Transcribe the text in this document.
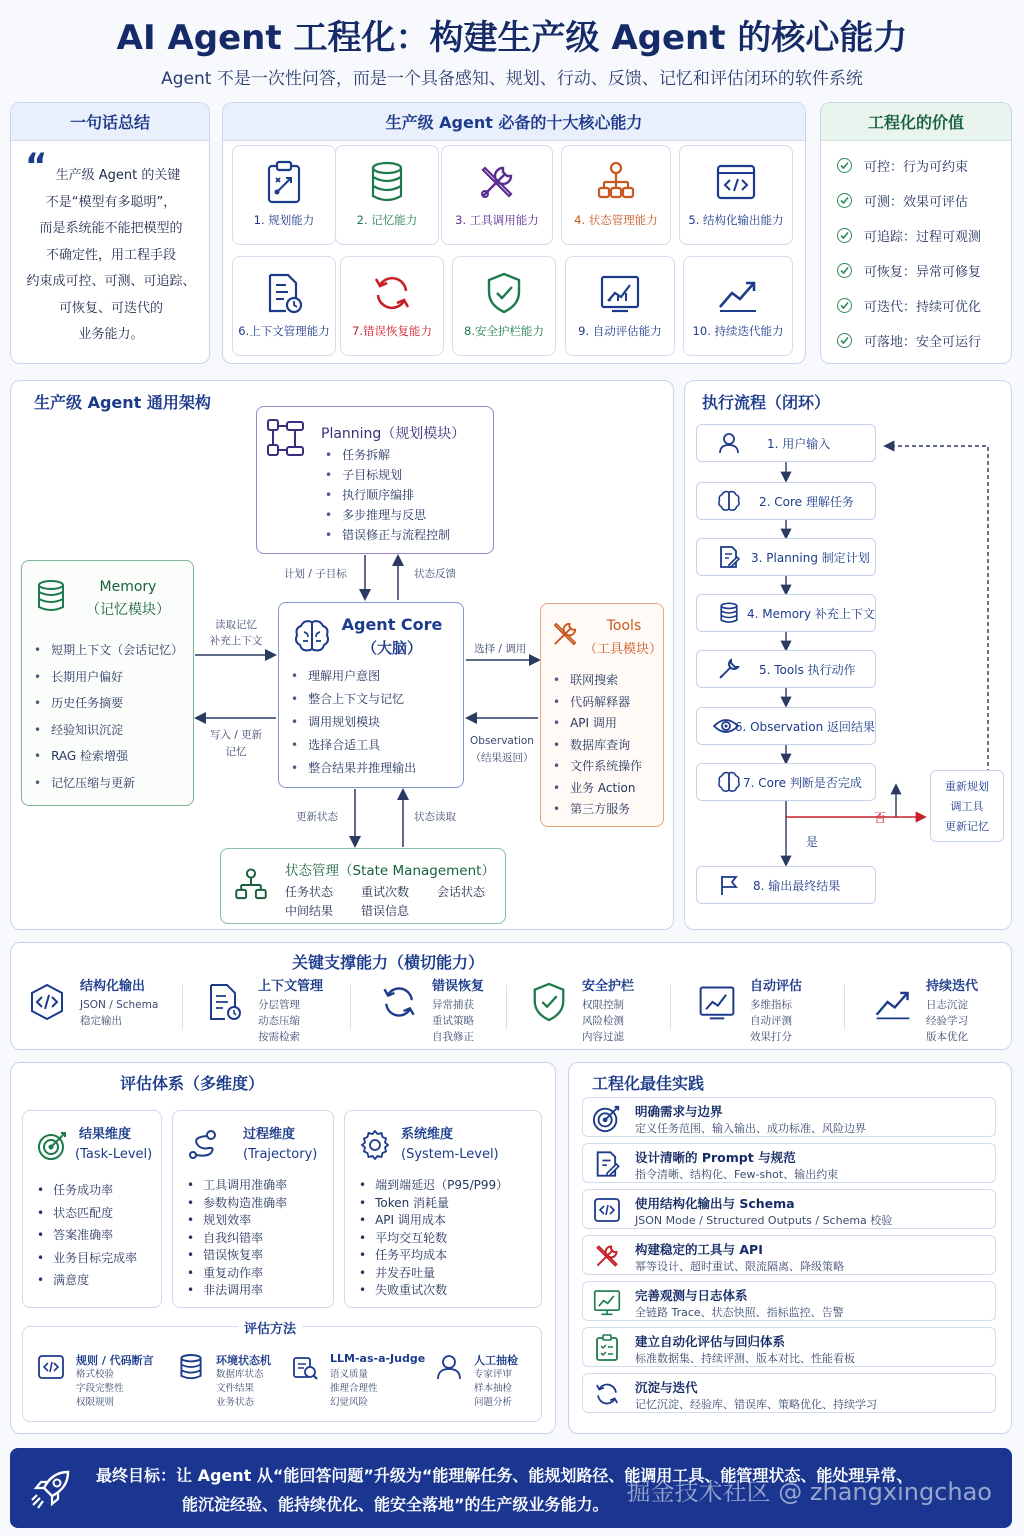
AI Agent 工程化：构建生产级 Agent 的核心能力
Agent 不是一次性问答，而是一个具备感知、规划、行动、反馈、记忆和评估闭环的软件系统
一句话总结
“ 生产级 Agent 的关键
不是“模型有多聪明”，
而是系统能不能把模型的
不确定性，用工程手段
约束成可控、可测、可追踪、
可恢复、可迭代的
业务能力。
生产级 Agent 必备的十大核心能力
1. 规划能力	2. 记忆能力	3. 工具调用能力	4. 状态管理能力	5. 结构化输出能力
6.上下文管理能力	7.错误恢复能力	8.安全护栏能力	9. 自动评估能力	10. 持续迭代能力
工程化的价值
可控：行为可约束
可测：效果可评估
可追踪：过程可观测
可恢复：异常可修复
可迭代：持续可优化
可落地：安全可运行
生产级 Agent 通用架构
Planning（规划模块）
• 任务拆解
• 子目标规划
• 执行顺序编排
• 多步推理与反思
• 错误修正与流程控制
计划 / 子目标	状态反馈
Memory
（记忆模块）
• 短期上下文（会话记忆）
• 长期用户偏好
• 历史任务摘要
• 经验知识沉淀
• RAG 检索增强
• 记忆压缩与更新
读取记忆
补充上下文
写入 / 更新
记忆
Agent Core
（大脑）
• 理解用户意图
• 整合上下文与记忆
• 调用规划模块
• 选择合适工具
• 整合结果并推理输出
选择 / 调用
Observation
（结果返回）
Tools
（工具模块）
• 联网搜索
• 代码解释器
• API 调用
• 数据库查询
• 文件系统操作
• 业务 Action
• 第三方服务
更新状态	状态读取
状态管理（State Management）
任务状态 重试次数 会话状态
中间结果 错误信息
执行流程（闭环）
1. 用户输入
2. Core 理解任务
3. Planning 制定计划
4. Memory 补充上下文
5. Tools 执行动作
6. Observation 返回结果
7. Core 判断是否完成
8. 输出最终结果
否
是
重新规划
调工具
更新记忆
关键支撑能力（横切能力）
结构化输出
JSON / Schema
稳定输出
上下文管理
分层管理
动态压缩
按需检索
错误恢复
异常捕获
重试策略
自我修正
安全护栏
权限控制
风险检测
内容过滤
自动评估
多维指标
自动评测
效果打分
持续迭代
日志沉淀
经验学习
版本优化
评估体系（多维度）
结果维度
(Task-Level)
• 任务成功率
• 状态匹配度
• 答案准确率
• 业务目标完成率
• 满意度
过程维度
(Trajectory)
• 工具调用准确率
• 参数构造准确率
• 规划效率
• 自我纠错率
• 错误恢复率
• 重复动作率
• 非法调用率
系统维度
(System-Level)
• 端到端延迟（P95/P99）
• Token 消耗量
• API 调用成本
• 平均交互轮数
• 任务平均成本
• 并发吞吐量
• 失败重试次数
评估方法
规则 / 代码断言
格式校验
字段完整性
权限规则
环境状态机
数据库状态
文件结果
业务状态
LLM-as-a-Judge
语义质量
推理合理性
幻觉风险
人工抽检
专家评审
样本抽检
问题分析
工程化最佳实践
明确需求与边界
定义任务范围、输入输出、成功标准、风险边界
设计清晰的 Prompt 与规范
指令清晰、结构化、Few-shot、输出约束
使用结构化输出与 Schema
JSON Mode / Structured Outputs / Schema 校验
构建稳定的工具与 API
幂等设计、超时重试、限流隔离、降级策略
完善观测与日志体系
全链路 Trace、状态快照、指标监控、告警
建立自动化评估与回归体系
标准数据集、持续评测、版本对比、性能看板
沉淀与迭代
记忆沉淀、经验库、错误库、策略优化、持续学习
最终目标：让 Agent 从“能回答问题”升级为“能理解任务、能规划路径、能调用工具、能管理状态、能处理异常、
能沉淀经验、能持续优化、能安全落地”的生产级业务能力。 掘金技术社区 @ zhangxingchao
